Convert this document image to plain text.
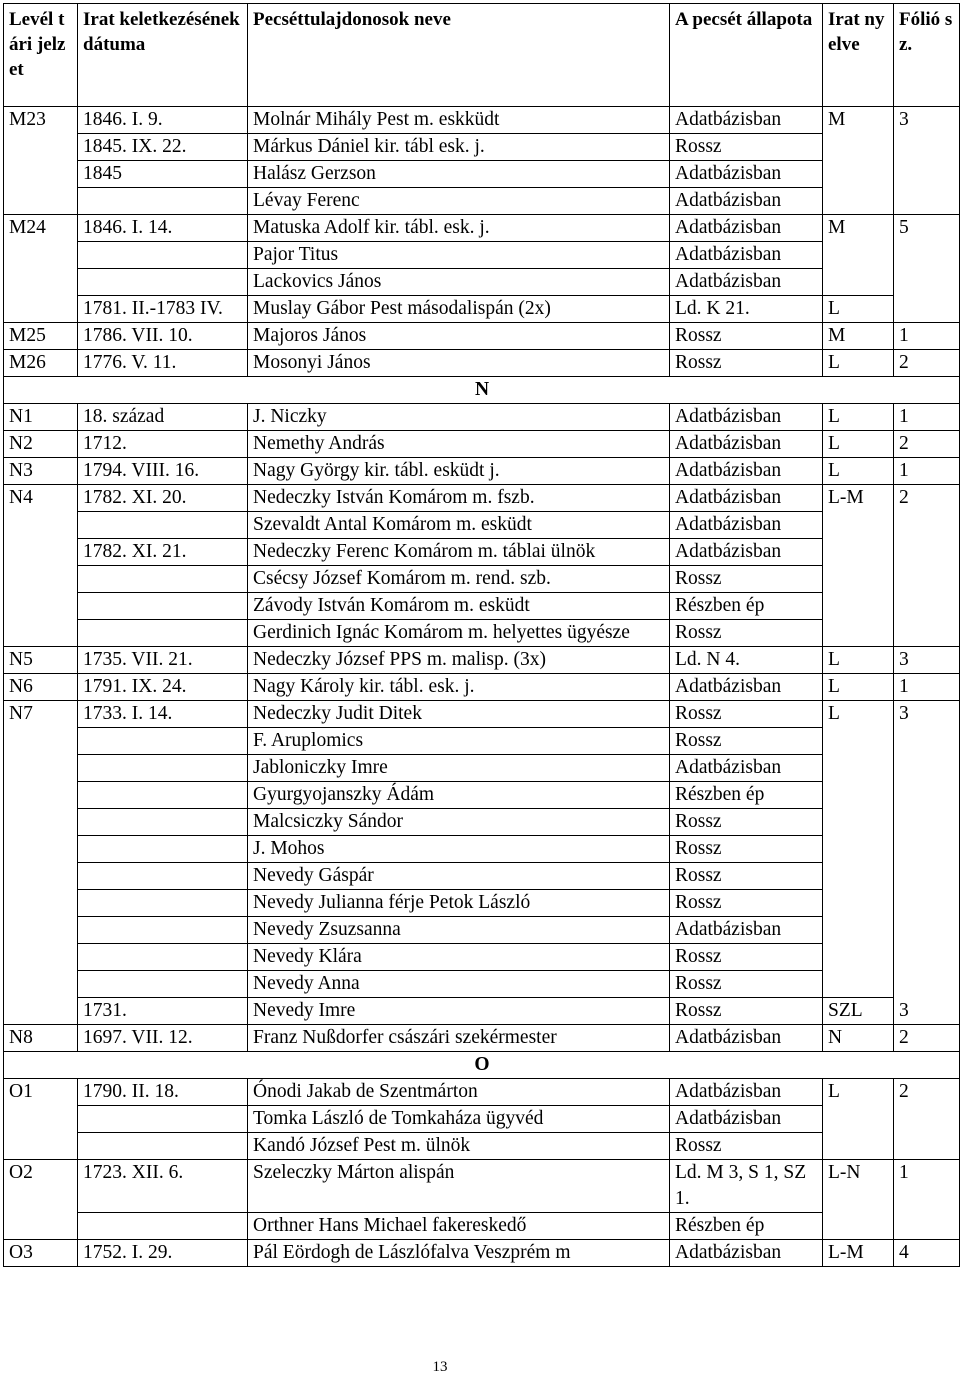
Levél tári jelzet	Irat keletkezésének dátuma	Pecséttulajdonosok neve	A pecsét állapota	Irat nyelve	Fólió sz.
M23	1846. I. 9.	Molnár Mihály Pest m. eskküdt	Adatbázisban	M	3
	1845. IX. 22.	Márkus Dániel kir. tábl esk. j.	Rossz		
	1845	Halász Gerzson	Adatbázisban		
		Lévay Ferenc	Adatbázisban		
M24	1846. I. 14.	Matuska Adolf kir. tábl. esk. j.	Adatbázisban	M	5
		Pajor Titus	Adatbázisban		
		Lackovics János	Adatbázisban		
	1781. II.-1783 IV.	Muslay Gábor Pest másodalispán (2x)	Ld. K 21.	L	
M25	1786. VII. 10.	Majoros János	Rossz	M	1
M26	1776. V. 11.	Mosonyi János	Rossz	L	2
N					
N1	18. század	J. Niczky	Adatbázisban	L	1
N2	1712.	Nemethy András	Adatbázisban	L	2
N3	1794. VIII. 16.	Nagy György kir. tábl. esküdt j.	Adatbázisban	L	1
N4	1782. XI. 20.	Nedeczky István Komárom m. fszb.	Adatbázisban	L-M	2
		Szevaldt Antal Komárom m. esküdt	Adatbázisban		
	1782. XI. 21.	Nedeczky Ferenc Komárom m. táblai ülnök	Adatbázisban		
		Csécsy József Komárom m. rend. szb.	Rossz		
		Závody István Komárom m. esküdt	Részben ép		
		Gerdinich Ignác Komárom m. helyettes ügyésze	Rossz		
N5	1735. VII. 21.	Nedeczky József PPS m. malisp. (3x)	Ld. N 4.	L	3
N6	1791. IX. 24.	Nagy Károly kir. tábl. esk. j.	Adatbázisban	L	1
N7	1733. I. 14.	Nedeczky Judit Ditek	Rossz	L	3
		F. Aruplomics	Rossz		
		Jabloniczky Imre	Adatbázisban		
		Gyurgyojanszky Ádám	Részben ép		
		Malcsiczky Sándor	Rossz		
		J. Mohos	Rossz		
		Nevedy Gáspár	Rossz		
		Nevedy Julianna férje Petok László	Rossz		
		Nevedy Zsuzsanna	Adatbázisban		
		Nevedy Klára	Rossz		
		Nevedy Anna	Rossz		
	1731.	Nevedy Imre	Rossz	SZL	3
N8	1697. VII. 12.	Franz Nußdorfer császári szekérmester	Adatbázisban	N	2
O					
O1	1790. II. 18.	Ónodi Jakab de Szentmárton	Adatbázisban	L	2
		Tomka László de Tomkaháza ügyvéd	Adatbázisban		
		Kandó József Pest m. ülnök	Rossz		
O2	1723. XII. 6.	Szeleczky Márton alispán	Ld. M 3, S 1, SZ 1.	L-N	1
		Orthner Hans Michael fakereskedő	Részben ép		
O3	1752. I. 29.	Pál Eördogh de Lászlófalva Veszprém m	Adatbázisban	L-M	4
13
